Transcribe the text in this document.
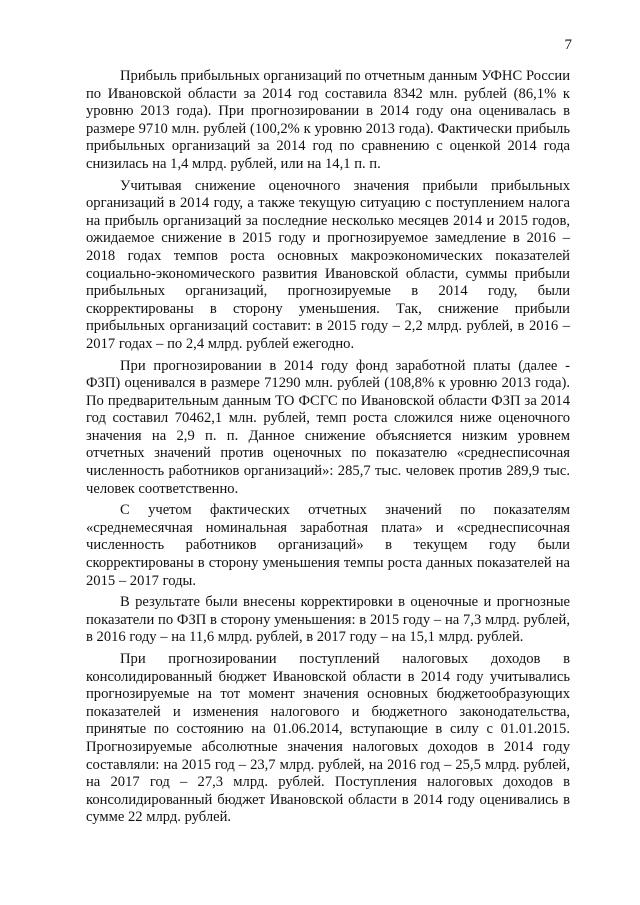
7

Прибыль прибыльных организаций по отчетным данным УФНС России по Ивановской области за 2014 год составила 8342 млн. рублей (86,1% к уровню 2013 года). При прогнозировании в 2014 году она оценивалась в размере 9710 млн. рублей (100,2% к уровню 2013 года). Фактически прибыль прибыльных организаций за 2014 год по сравнению с оценкой 2014 года снизилась на 1,4 млрд. рублей, или на 14,1 п. п.

Учитывая снижение оценочного значения прибыли прибыльных организаций в 2014 году, а также текущую ситуацию с поступлением налога на прибыль организаций за последние несколько месяцев 2014 и 2015 годов, ожидаемое снижение в 2015 году и прогнозируемое замедление в 2016 – 2018 годах темпов роста основных макроэкономических показателей социально-экономического развития Ивановской области, суммы прибыли прибыльных организаций, прогнозируемые в 2014 году, были скорректированы в сторону уменьшения. Так, снижение прибыли прибыльных организаций составит: в 2015 году – 2,2 млрд. рублей, в 2016 – 2017 годах – по 2,4 млрд. рублей ежегодно.

При прогнозировании в 2014 году фонд заработной платы (далее - ФЗП) оценивался в размере 71290 млн. рублей (108,8% к уровню 2013 года). По предварительным данным ТО ФСГС по Ивановской области ФЗП за 2014 год составил 70462,1 млн. рублей, темп роста сложился ниже оценочного значения на 2,9 п. п. Данное снижение объясняется низким уровнем отчетных значений против оценочных по показателю «среднесписочная численность работников организаций»: 285,7 тыс. человек против 289,9 тыс. человек соответственно.

С учетом фактических отчетных значений по показателям «среднемесячная номинальная заработная плата» и «среднесписочная численность работников организаций» в текущем году были скорректированы в сторону уменьшения темпы роста данных показателей на 2015 – 2017 годы.

В результате были внесены корректировки в оценочные и прогнозные показатели по ФЗП в сторону уменьшения: в 2015 году – на 7,3 млрд. рублей, в 2016 году – на 11,6 млрд. рублей, в 2017 году – на 15,1 млрд. рублей.

При прогнозировании поступлений налоговых доходов в консолидированный бюджет Ивановской области в 2014 году учитывались прогнозируемые на тот момент значения основных бюджетообразующих показателей и изменения налогового и бюджетного законодательства, принятые по состоянию на 01.06.2014, вступающие в силу с 01.01.2015. Прогнозируемые абсолютные значения налоговых доходов в 2014 году составляли: на 2015 год – 23,7 млрд. рублей, на 2016 год – 25,5 млрд. рублей, на 2017 год – 27,3 млрд. рублей. Поступления налоговых доходов в консолидированный бюджет Ивановской области в 2014 году оценивались в сумме 22 млрд. рублей.
